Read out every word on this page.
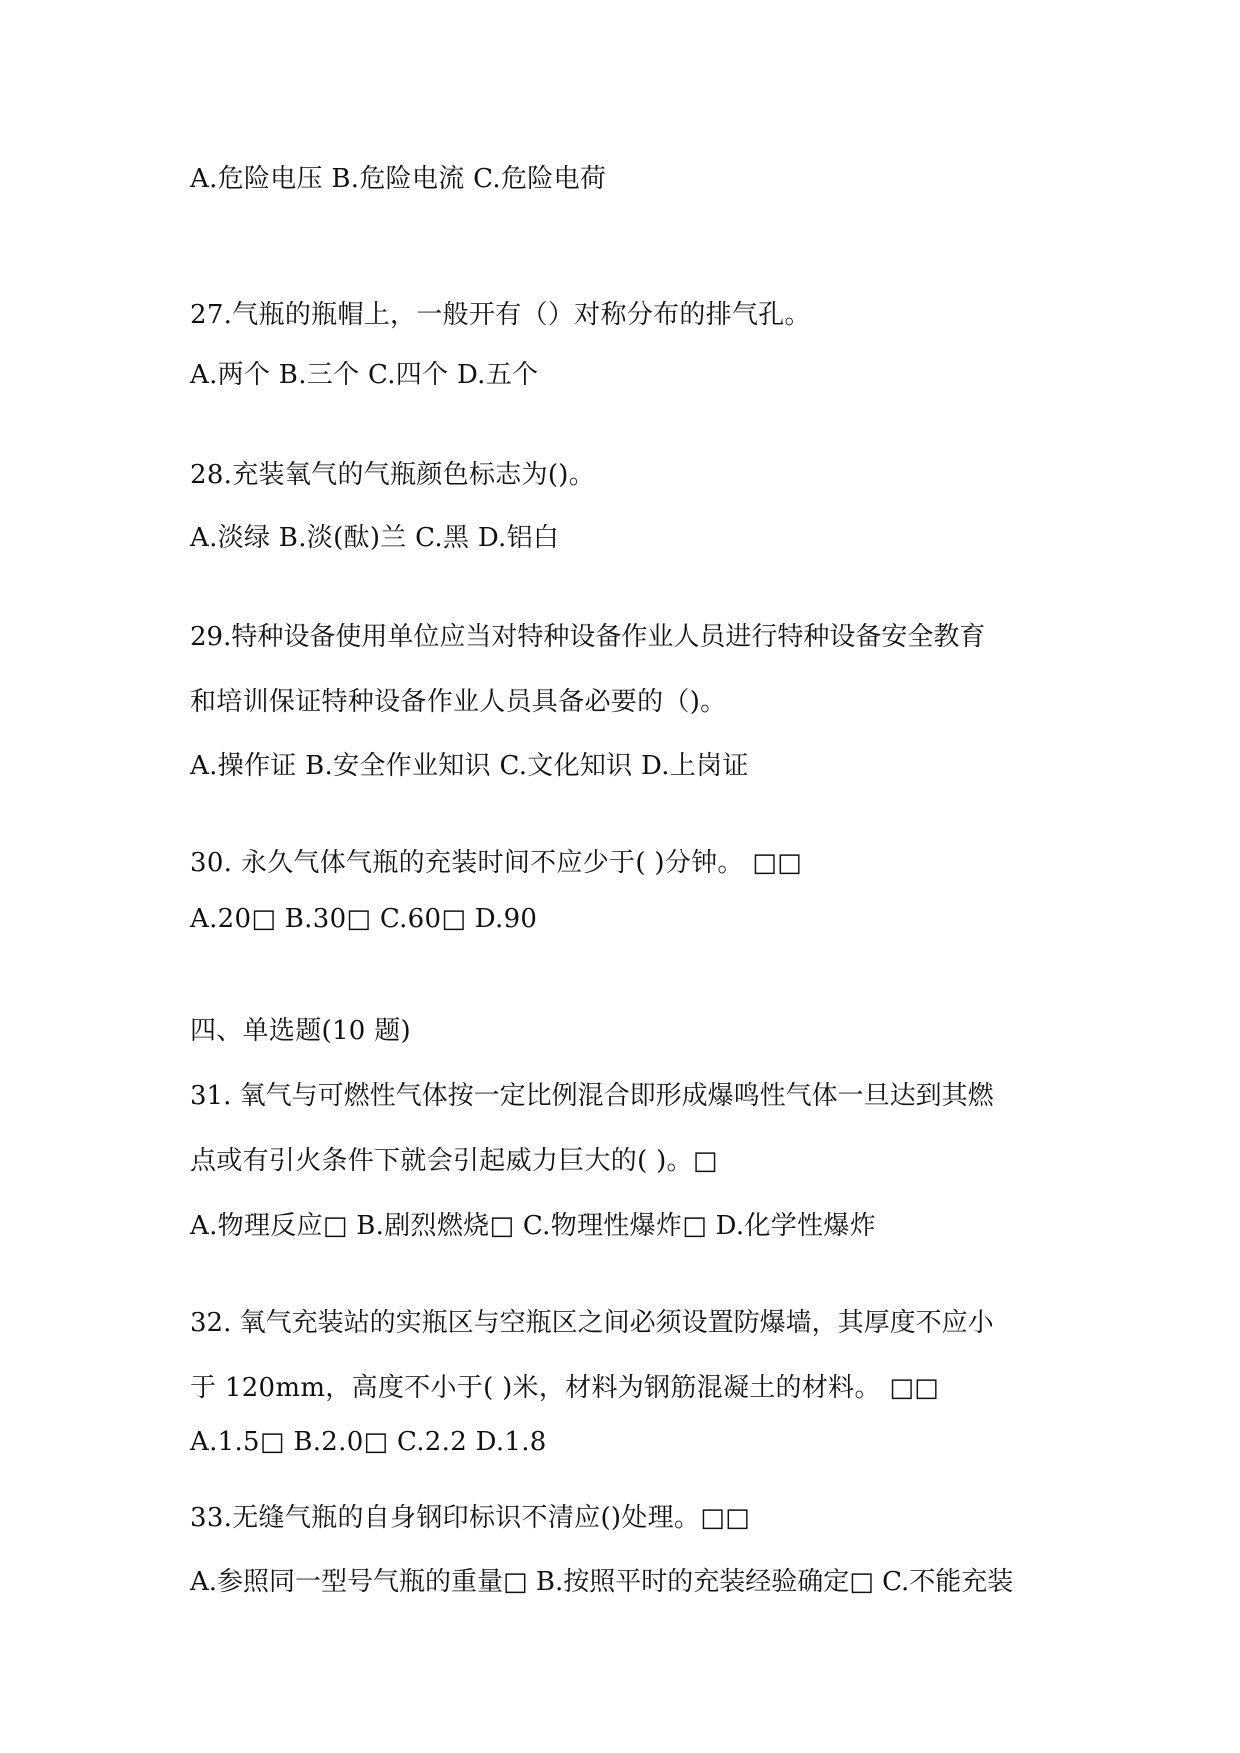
A.危险电压 B.危险电流 C.危险电荷
27.气瓶的瓶帽上，一般开有（）对称分布的排气孔。
A.两个 B.三个 C.四个 D.五个
28.充装氧气的气瓶颜色标志为()。
A.淡绿 B.淡(酞)兰 C.黑 D.铝白
29.特种设备使用单位应当对特种设备作业人员进行特种设备安全教育
和培训保证特种设备作业人员具备必要的（)。
A.操作证 B.安全作业知识 C.文化知识 D.上岗证
30. 永久气体气瓶的充装时间不应少于( )分钟。 □□
A.20□ B.30□ C.60□ D.90
四、单选题(10 题)
31. 氧气与可燃性气体按一定比例混合即形成爆鸣性气体一旦达到其燃
点或有引火条件下就会引起威力巨大的( )。□
A.物理反应□ B.剧烈燃烧□ C.物理性爆炸□ D.化学性爆炸
32. 氧气充装站的实瓶区与空瓶区之间必须设置防爆墙，其厚度不应小
于 120mm，高度不小于( )米，材料为钢筋混凝土的材料。 □□
A.1.5□ B.2.0□ C.2.2 D.1.8
33.无缝气瓶的自身钢印标识不清应()处理。□□
A.参照同一型号气瓶的重量□ B.按照平时的充装经验确定□ C.不能充装
